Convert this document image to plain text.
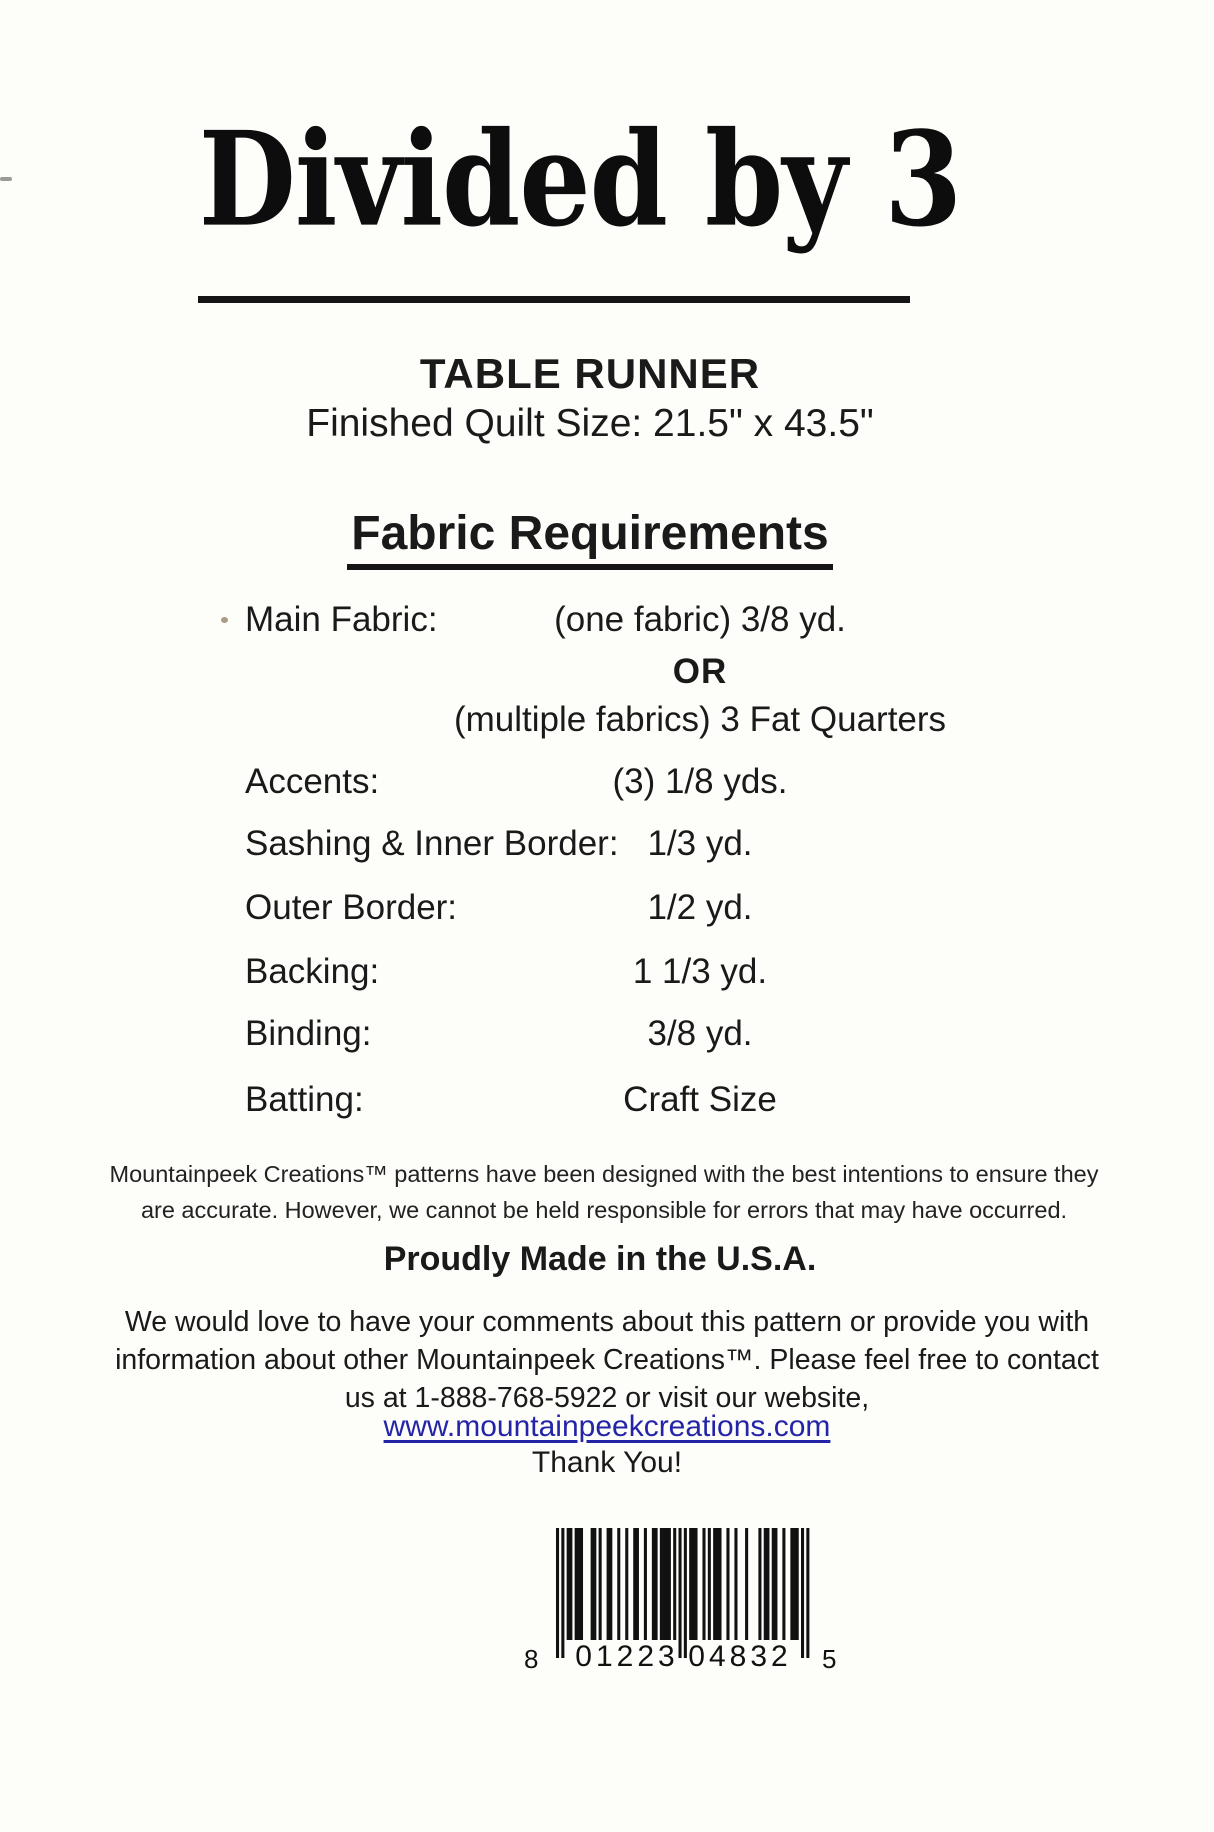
Divided by 3
TABLE RUNNER
Finished Quilt Size: 21.5" x 43.5"
Fabric Requirements
Main Fabric:	(one fabric) 3/8 yd.
OR
(multiple fabrics) 3 Fat Quarters
Accents:	(3) 1/8 yds.
Sashing & Inner Border: 1/3 yd.
Outer Border:	1/2 yd.
Backing:	1 1/3 yd.
Binding:	3/8 yd.
Batting:	Craft Size
Mountainpeek Creations™ patterns have been designed with the best intentions to ensure they are accurate. However, we cannot be held responsible for errors that may have occurred.
Proudly Made in the U.S.A.
We would love to have your comments about this pattern or provide you with information about other Mountainpeek Creations™. Please feel free to contact us at 1-888-768-5922 or visit our website,
www.mountainpeekcreations.com
Thank You!
8 01223 04832 5
